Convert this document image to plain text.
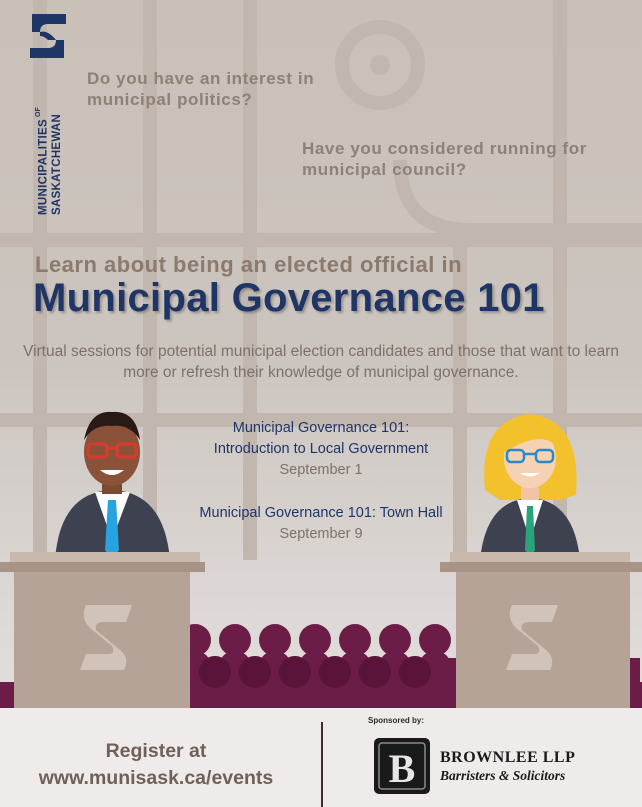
$MUNICIPALITIES^{OF}$
SASKATCHEWAN
Do you have an interest in municipal politics?
Have you considered running for municipal council?
Learn about being an elected official in
Municipal Governance 101
Virtual sessions for potential municipal election candidates and those that want to learn more or refresh their knowledge of municipal governance.
Municipal Governance 101:
Introduction to Local Government
September 1
Municipal Governance 101: Town Hall
September 9
Register at
www.munisask.ca/events
Sponsored by:
B BROWNLEE LLP
Barristers & Solicitors
